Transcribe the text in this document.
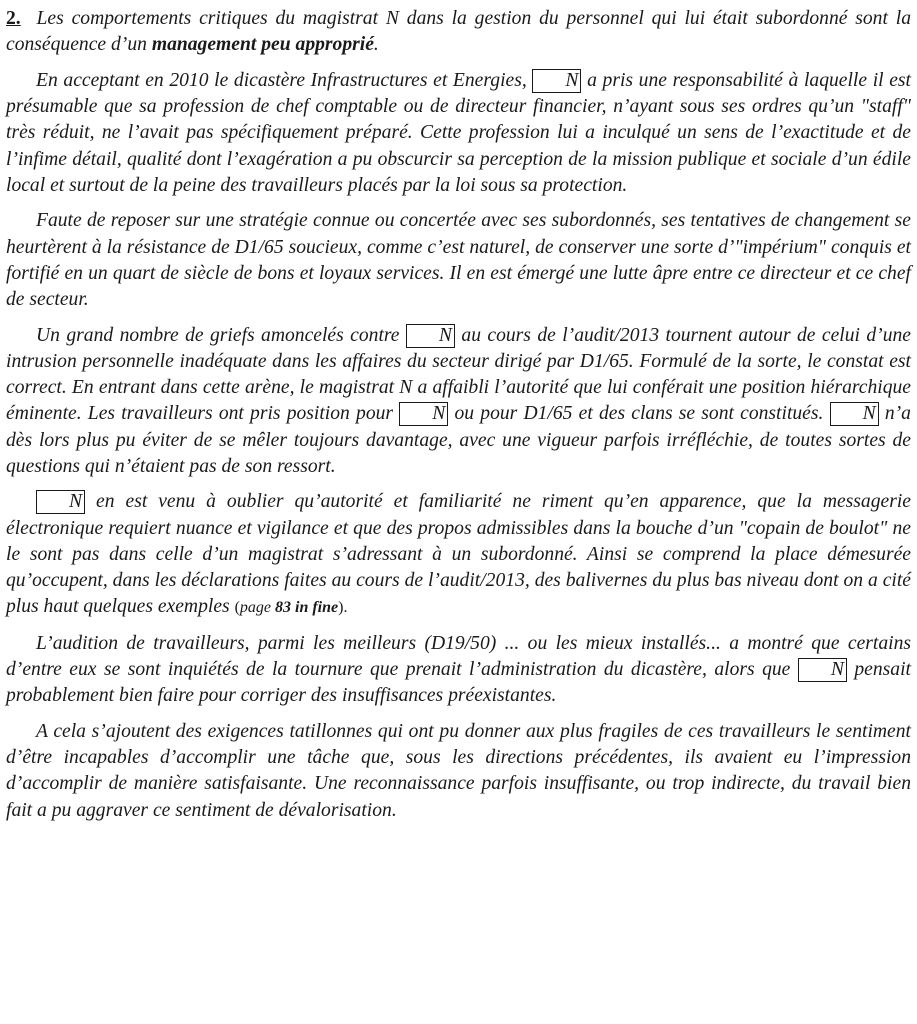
2. Les comportements critiques du magistrat N dans la gestion du personnel qui lui était subordonné sont la conséquence d’un management peu approprié.

En acceptant en 2010 le dicastère Infrastructures et Energies, N a pris une responsabilité à laquelle il est présumable que sa profession de chef comptable ou de directeur financier, n’ayant sous ses ordres qu’un "staff" très réduit, ne l’avait pas spécifiquement préparé. Cette profession lui a inculqué un sens de l’exactitude et de l’infime détail, qualité dont l’exagération a pu obscurcir sa perception de la mission publique et sociale d’un édile local et surtout de la peine des travailleurs placés par la loi sous sa protection.

Faute de reposer sur une stratégie connue ou concertée avec ses subordonnés, ses tentatives de changement se heurtèrent à la résistance de D1/65 soucieux, comme c’est naturel, de conserver une sorte d’"impérium" conquis et fortifié en un quart de siècle de bons et loyaux services. Il en est émergé une lutte âpre entre ce directeur et ce chef de secteur.

Un grand nombre de griefs amoncelés contre N au cours de l’audit/2013 tournent autour de celui d’une intrusion personnelle inadéquate dans les affaires du secteur dirigé par D1/65. Formulé de la sorte, le constat est correct. En entrant dans cette arène, le magistrat N a affaibli l’autorité que lui conférait une position hiérarchique éminente. Les travailleurs ont pris position pour N ou pour D1/65 et des clans se sont constitués. N n’a dès lors plus pu éviter de se mêler toujours davantage, avec une vigueur parfois irréfléchie, de toutes sortes de questions qui n’étaient pas de son ressort.

N en est venu à oublier qu’autorité et familiarité ne riment qu’en apparence, que la messagerie électronique requiert nuance et vigilance et que des propos admissibles dans la bouche d’un "copain de boulot" ne le sont pas dans celle d’un magistrat s’adressant à un subordonné. Ainsi se comprend la place démesurée qu’occupent, dans les déclarations faites au cours de l’audit/2013, des balivernes du plus bas niveau dont on a cité plus haut quelques exemples (page 83 in fine).

L’audition de travailleurs, parmi les meilleurs (D19/50) ... ou les mieux installés... a montré que certains d’entre eux se sont inquiétés de la tournure que prenait l’administration du dicastère, alors que N pensait probablement bien faire pour corriger des insuffisances préexistantes.

A cela s’ajoutent des exigences tatillonnes qui ont pu donner aux plus fragiles de ces travailleurs le sentiment d’être incapables d’accomplir une tâche que, sous les directions précédentes, ils avaient eu l’impression d’accomplir de manière satisfaisante. Une reconnaissance parfois insuffisante, ou trop indirecte, du travail bien fait a pu aggraver ce sentiment de dévalorisation.
